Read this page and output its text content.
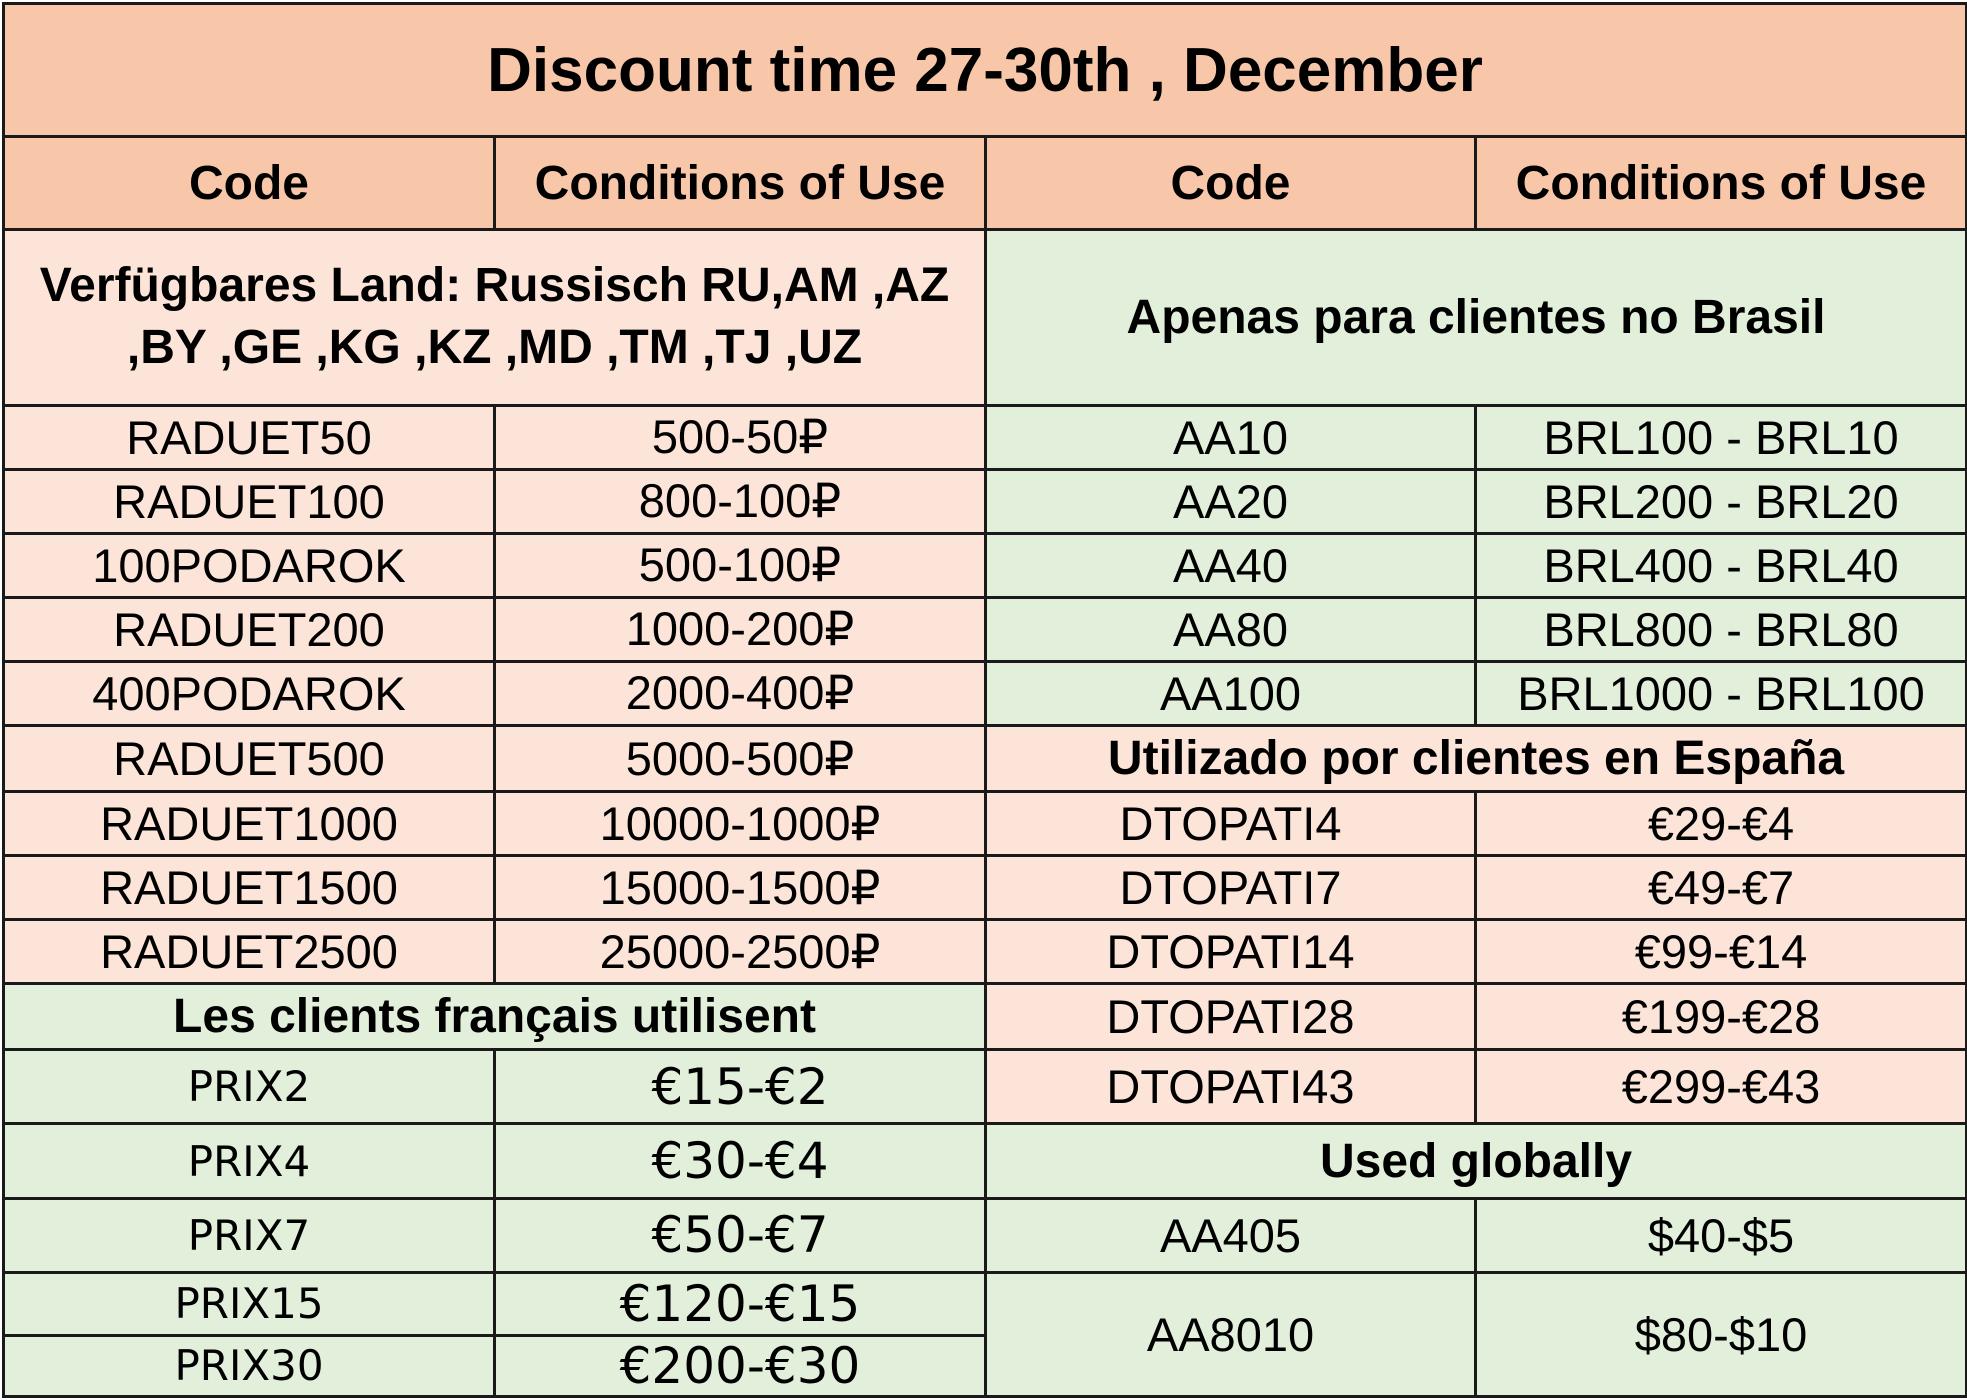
Discount time 27-30th , December			
Code	Conditions of Use	Code	Conditions of Use
Verfügbares Land: Russisch RU,AM ,AZ ,BY ,GE ,KG ,KZ ,MD ,TM ,TJ ,UZ		Apenas para clientes no Brasil	
RADUET50	500-50₽	AA10	BRL100 - BRL10
RADUET100	800-100₽	AA20	BRL200 - BRL20
100PODAROK	500-100₽	AA40	BRL400 - BRL40
RADUET200	1000-200₽	AA80	BRL800 - BRL80
400PODAROK	2000-400₽	AA100	BRL1000 - BRL100
RADUET500	5000-500₽	Utilizado por clientes en España	
RADUET1000	10000-1000₽	DTOPATI4	€29-€4
RADUET1500	15000-1500₽	DTOPATI7	€49-€7
RADUET2500	25000-2500₽	DTOPATI14	€99-€14
Les clients français utilisent		DTOPATI28	€199-€28
PRIX2	€15-€2	DTOPATI43	€299-€43
PRIX4	€30-€4	Used globally	
PRIX7	€50-€7	AA405	$40-$5
PRIX15	€120-€15	AA8010	$80-$10
PRIX30	€200-€30		
